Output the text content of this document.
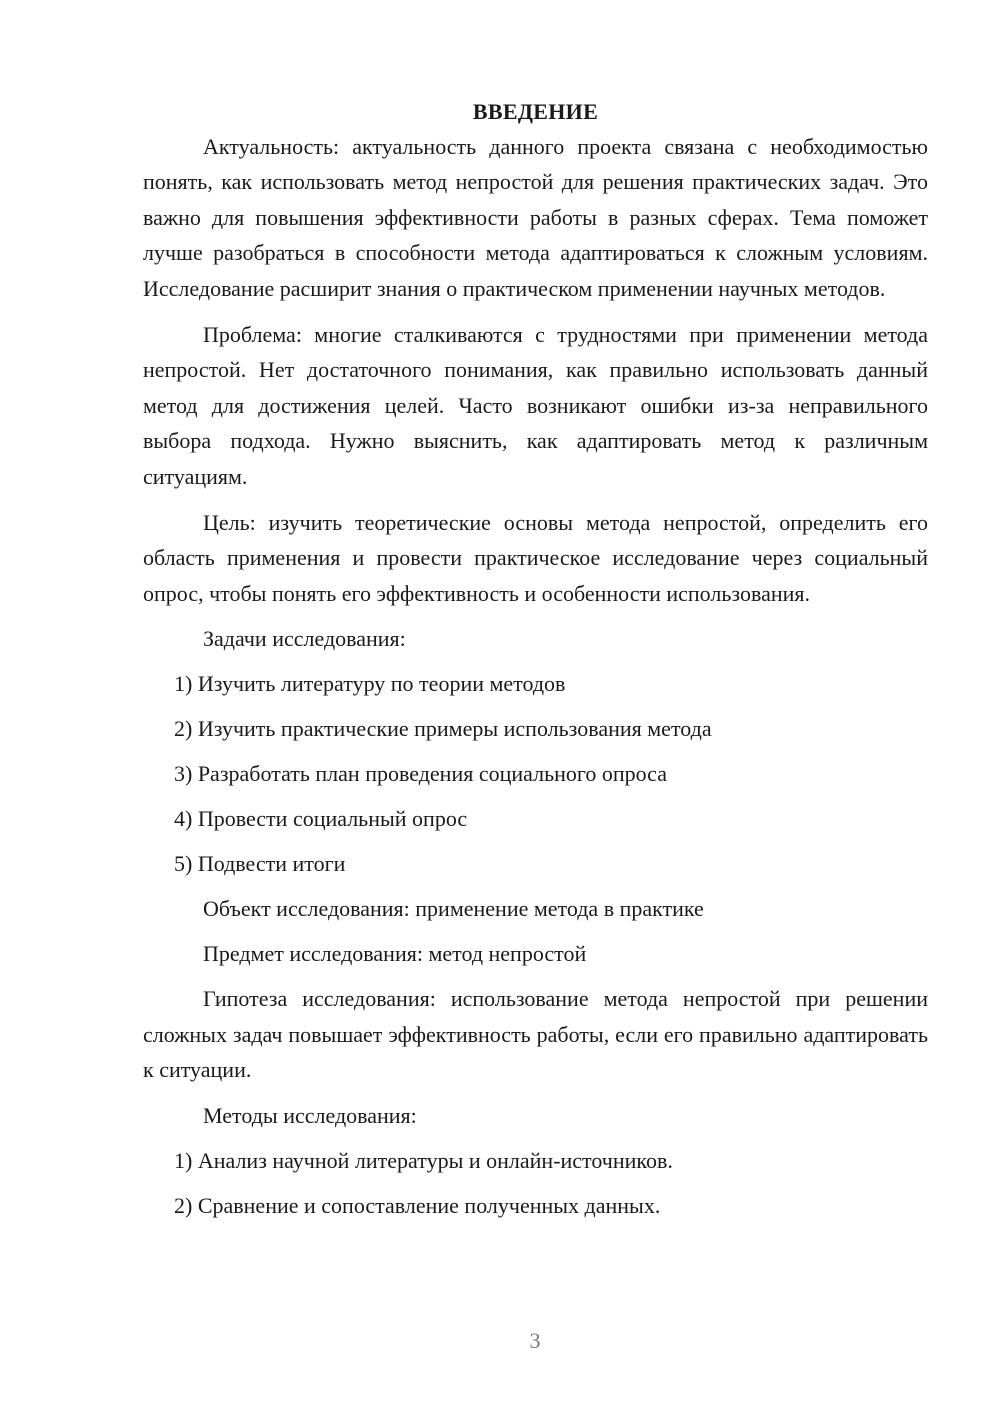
ВВЕДЕНИЕ

Актуальность: актуальность данного проекта связана с необходимостью понять, как использовать метод непростой для решения практических задач. Это важно для повышения эффективности работы в разных сферах. Тема поможет лучше разобраться в способности метода адаптироваться к сложным условиям. Исследование расширит знания о практическом применении научных методов.

Проблема: многие сталкиваются с трудностями при применении метода непростой. Нет достаточного понимания, как правильно использовать данный метод для достижения целей. Часто возникают ошибки из-за неправильного выбора подхода. Нужно выяснить, как адаптировать метод к различным ситуациям.

Цель: изучить теоретические основы метода непростой, определить его область применения и провести практическое исследование через социальный опрос, чтобы понять его эффективность и особенности использования.

Задачи исследования:

1) Изучить литературу по теории методов

2) Изучить практические примеры использования метода

3) Разработать план проведения социального опроса

4) Провести социальный опрос

5) Подвести итоги

Объект исследования: применение метода в практике

Предмет исследования: метод непростой

Гипотеза исследования: использование метода непростой при решении сложных задач повышает эффективность работы, если его правильно адаптировать к ситуации.

Методы исследования:

1) Анализ научной литературы и онлайн-источников.

2) Сравнение и сопоставление полученных данных.

3
